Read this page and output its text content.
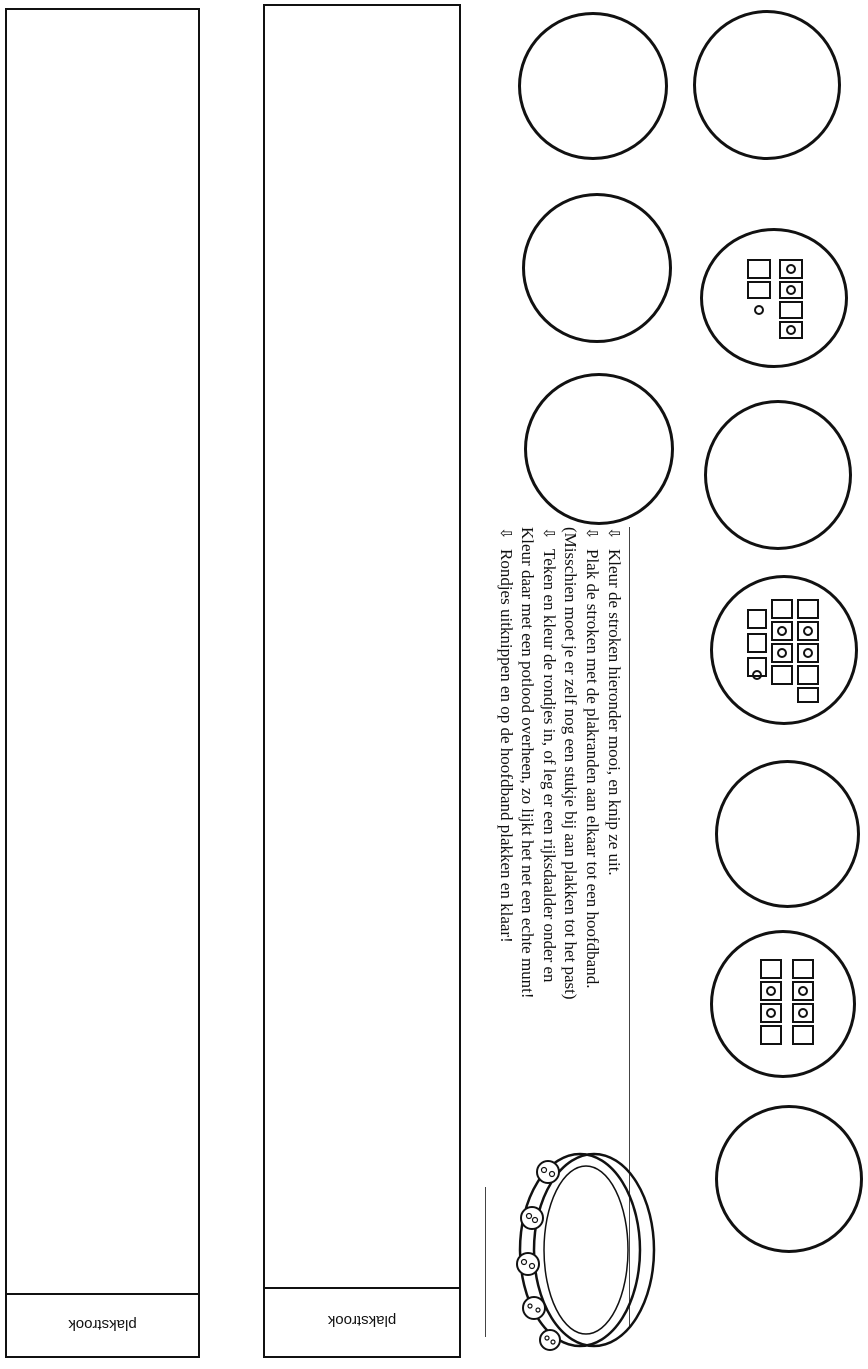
plakstrook	plakstrook
⇩Kleur de stroken hieronder mooi, en knip ze uit.
⇩Plak de stroken met de plakranden aan elkaar tot een hoofdband.
(Misschien moet je er zelf nog een stukje bij aan plakken tot het past)
⇩Teken en kleur de rondjes in, of leg er een rijksdaalder onder en
Kleur daar met een potlood overheen, zo lijkt het net een echte munt!
⇩Rondjes uitknippen en op de hoofdband plakken en klaar!
